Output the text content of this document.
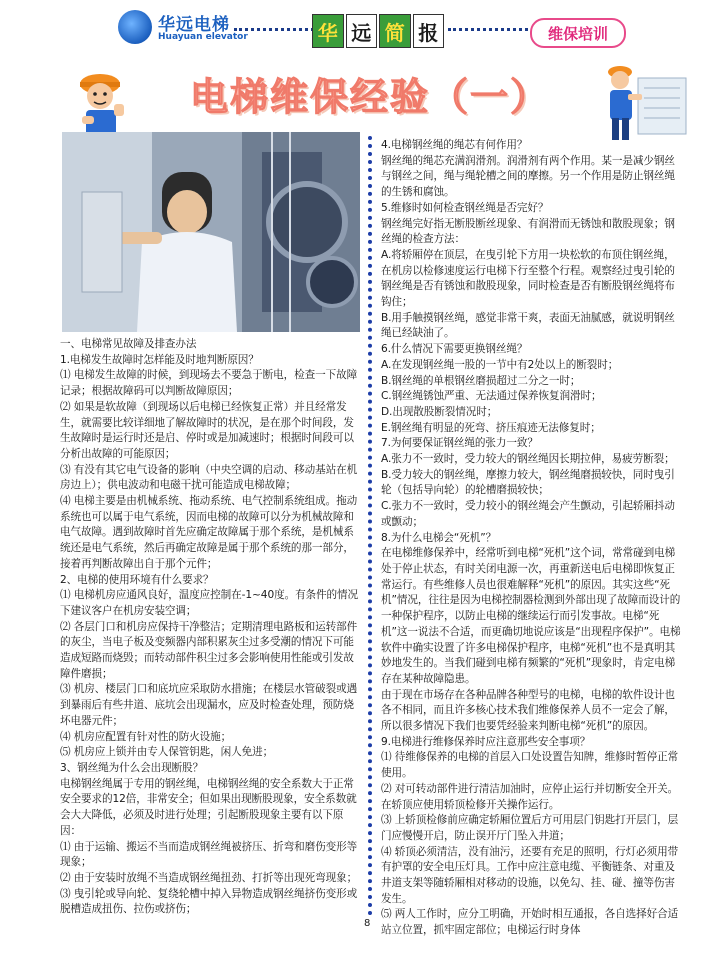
华远电梯
Huayuan elevator	华 远 简 报	维保培训
电梯维保经验（一）

一、电梯常见故障及排查办法

1.电梯发生故障时怎样能及时地判断原因？

⑴ 电梯发生故障的时候，到现场去不要急于断电，检查一下故障记录；根据故障码可以判断故障原因；

⑵ 如果是软故障（到现场以后电梯已经恢复正常）并且经常发生，就需要比较详细地了解故障时的状况，是在那个时间段，发生故障时是运行时还是启、停时或是加减速时；根据时间段可以分析出故障的可能原因；

⑶ 有没有其它电气设备的影响（中央空调的启动、移动基站在机房边上）；供电波动和电磁干扰可能造成电梯故障；

⑷ 电梯主要是由机械系统、拖动系统、电气控制系统组成。拖动系统也可以属于电气系统，因而电梯的故障可以分为机械故障和电气故障。遇到故障时首先应确定故障属于那个系统，是机械系统还是电气系统，然后再确定故障是属于那个系统的那一部分，接着再判断故障出自于那个元件；

2、电梯的使用环境有什么要求？

⑴ 电梯机房应通风良好，温度应控制在-1~40度。有条件的情况下建议客户在机房安装空调；

⑵ 各层门口和机房应保持干净整洁；定期清理电路板和运转部件的灰尘，当电子板及变频器内部积累灰尘过多受潮的情况下可能造成短路而烧毁；而转动部件积尘过多会影响使用性能或引发故障件磨损；

⑶ 机房、楼层门口和底坑应采取防水措施；在楼层水管破裂或遇到暴雨后有些井道、底坑会出现漏水，应及时检查处理，预防烧坏电器元件；

⑷ 机房应配置有针对性的防火设施；

⑸ 机房应上锁并由专人保管钥匙，闲人免进；

3、钢丝绳为什么会出现断股？

电梯钢丝绳属于专用的钢丝绳，电梯钢丝绳的安全系数大于正常安全要求的12倍，非常安全；但如果出现断股现象，安全系数就会大大降低，必须及时进行处理；引起断股现象主要有以下原因：

⑴ 由于运输、搬运不当而造成钢丝绳被挤压、折弯和磨伤变形等现象；

⑵ 由于安装时放绳不当造成钢丝绳扭劲、打折等出现死弯现象；

⑶ 曳引轮或导向轮、复绕轮槽中掉入异物造成钢丝绳挤伤变形或脱槽造成扭伤、拉伤或挤伤；

4.电梯钢丝绳的绳芯有何作用？

钢丝绳的绳芯充满润滑剂。润滑剂有两个作用。某一是减少钢丝与钢丝之间，绳与绳轮槽之间的摩擦。另一个作用是防止钢丝绳的生锈和腐蚀。

5.维修时如何检查钢丝绳是否完好？

钢丝绳完好指无断股断丝现象、有润滑而无锈蚀和散股现象；钢丝绳的检查方法：

A.将轿厢停在顶层，在曳引轮下方用一块松软的布顶住钢丝绳，在机房以检修速度运行电梯下行至整个行程。观察经过曳引轮的钢丝绳是否有锈蚀和散股现象，同时检查是否有断股钢丝绳将布钩住；

B.用手触摸钢丝绳，感觉非常干爽，表面无油腻感，就说明钢丝绳已经缺油了。

6.什么情况下需要更换钢丝绳？

A.在发现钢丝绳一股的一节中有2处以上的断裂时；

B.钢丝绳的单根钢丝磨损超过二分之一时；

C.钢丝绳锈蚀严重、无法通过保养恢复润滑时；

D.出现散股断裂情况时；

E.钢丝绳有明显的死弯、挤压痕迹无法修复时；

7.为何要保证钢丝绳的张力一致？

A.张力不一致时，受力较大的钢丝绳因长期拉伸，易疲劳断裂；

B.受力较大的钢丝绳，摩擦力较大，钢丝绳磨损较快，同时曳引轮（包括导向轮）的轮槽磨损较快；

C.张力不一致时，受力较小的钢丝绳会产生颤动，引起轿厢抖动或颤动；

8.为什么电梯会“死机”？

在电梯维修保养中，经常听到电梯“死机”这个词，常常碰到电梯处于停止状态，有时关闭电源一次，再重新送电后电梯即恢复正常运行。有些维修人员也很难解释“死机”的原因。其实这些“死机”情况，往往是因为电梯控制器检测到外部出现了故障而设计的一种保护程序，以防止电梯的继续运行而引发事故。电梯“死机”这一说法不合适，而更确切地说应该是“出现程序保护”。电梯软件中确实设置了许多电梯保护程序，电梯“死机”也不是真明其妙地发生的。当我们碰到电梯有频繁的“死机”现象时，肯定电梯存在某种故障隐患。

由于现在市场存在各种品牌各种型号的电梯，电梯的软件设计也各不相同，而且许多核心技术我们维修保养人员不一定会了解，所以很多情况下我们也要凭经验来判断电梯“死机”的原因。

9.电梯进行维修保养时应注意那些安全事项？

⑴ 待维修保养的电梯的首层入口处设置告知牌，维修时暂停正常使用。

⑵ 对可转动部件进行清洁加油时，应停止运行并切断安全开关。在轿顶应使用轿顶检修开关操作运行。

⑶ 上轿顶检修前应确定轿厢位置后方可用层门钥匙打开层门，层门应慢慢开启，防止误开厅门坠入井道；

⑷ 轿顶必须清洁，没有油污，还要有充足的照明，行灯必须用带有护罩的安全电压灯具。工作中应注意电缆、平衡链条、对重及井道支架等随轿厢相对移动的设施，以免勾、挂、碰、撞等伤害发生。

⑸ 两人工作时，应分工明确，开始时相互通报，各自选择好合适站立位置，抓牢固定部位；电梯运行时身体

8
